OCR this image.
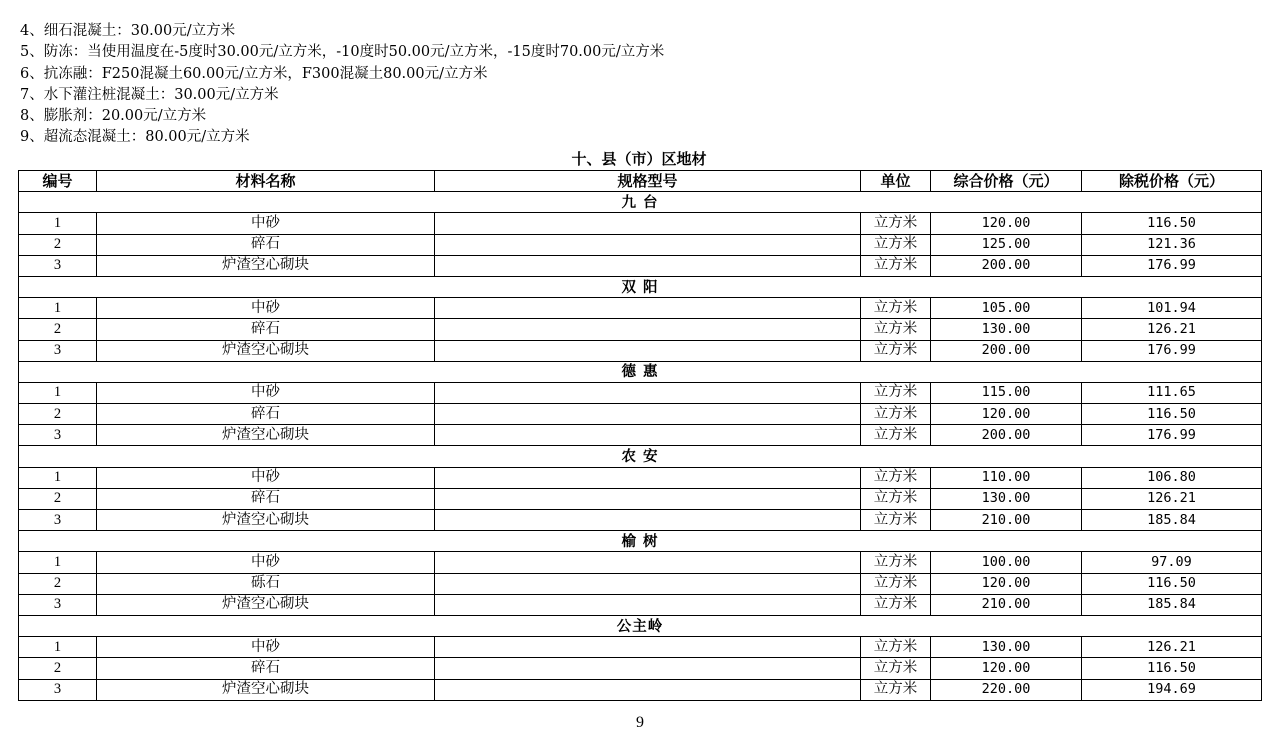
4、细石混凝土：30.00元/立方米
5、防冻：当使用温度在-5度时30.00元/立方米，-10度时50.00元/立方米，-15度时70.00元/立方米
6、抗冻融：F250混凝土60.00元/立方米，F300混凝土80.00元/立方米
7、水下灌注桩混凝土：30.00元/立方米
8、膨胀剂：20.00元/立方米
9、超流态混凝土：80.00元/立方米
十、县（市）区地材
编号	材料名称	规格型号	单位	综合价格（元）	除税价格（元）
九 台					
1	中砂		立方米	120.00	116.50
2	碎石		立方米	125.00	121.36
3	炉渣空心砌块		立方米	200.00	176.99
双 阳					
1	中砂		立方米	105.00	101.94
2	碎石		立方米	130.00	126.21
3	炉渣空心砌块		立方米	200.00	176.99
德 惠					
1	中砂		立方米	115.00	111.65
2	碎石		立方米	120.00	116.50
3	炉渣空心砌块		立方米	200.00	176.99
农 安					
1	中砂		立方米	110.00	106.80
2	碎石		立方米	130.00	126.21
3	炉渣空心砌块		立方米	210.00	185.84
榆 树					
1	中砂		立方米	100.00	97.09
2	砾石		立方米	120.00	116.50
3	炉渣空心砌块		立方米	210.00	185.84
公主岭					
1	中砂		立方米	130.00	126.21
2	碎石		立方米	120.00	116.50
3	炉渣空心砌块		立方米	220.00	194.69
9
